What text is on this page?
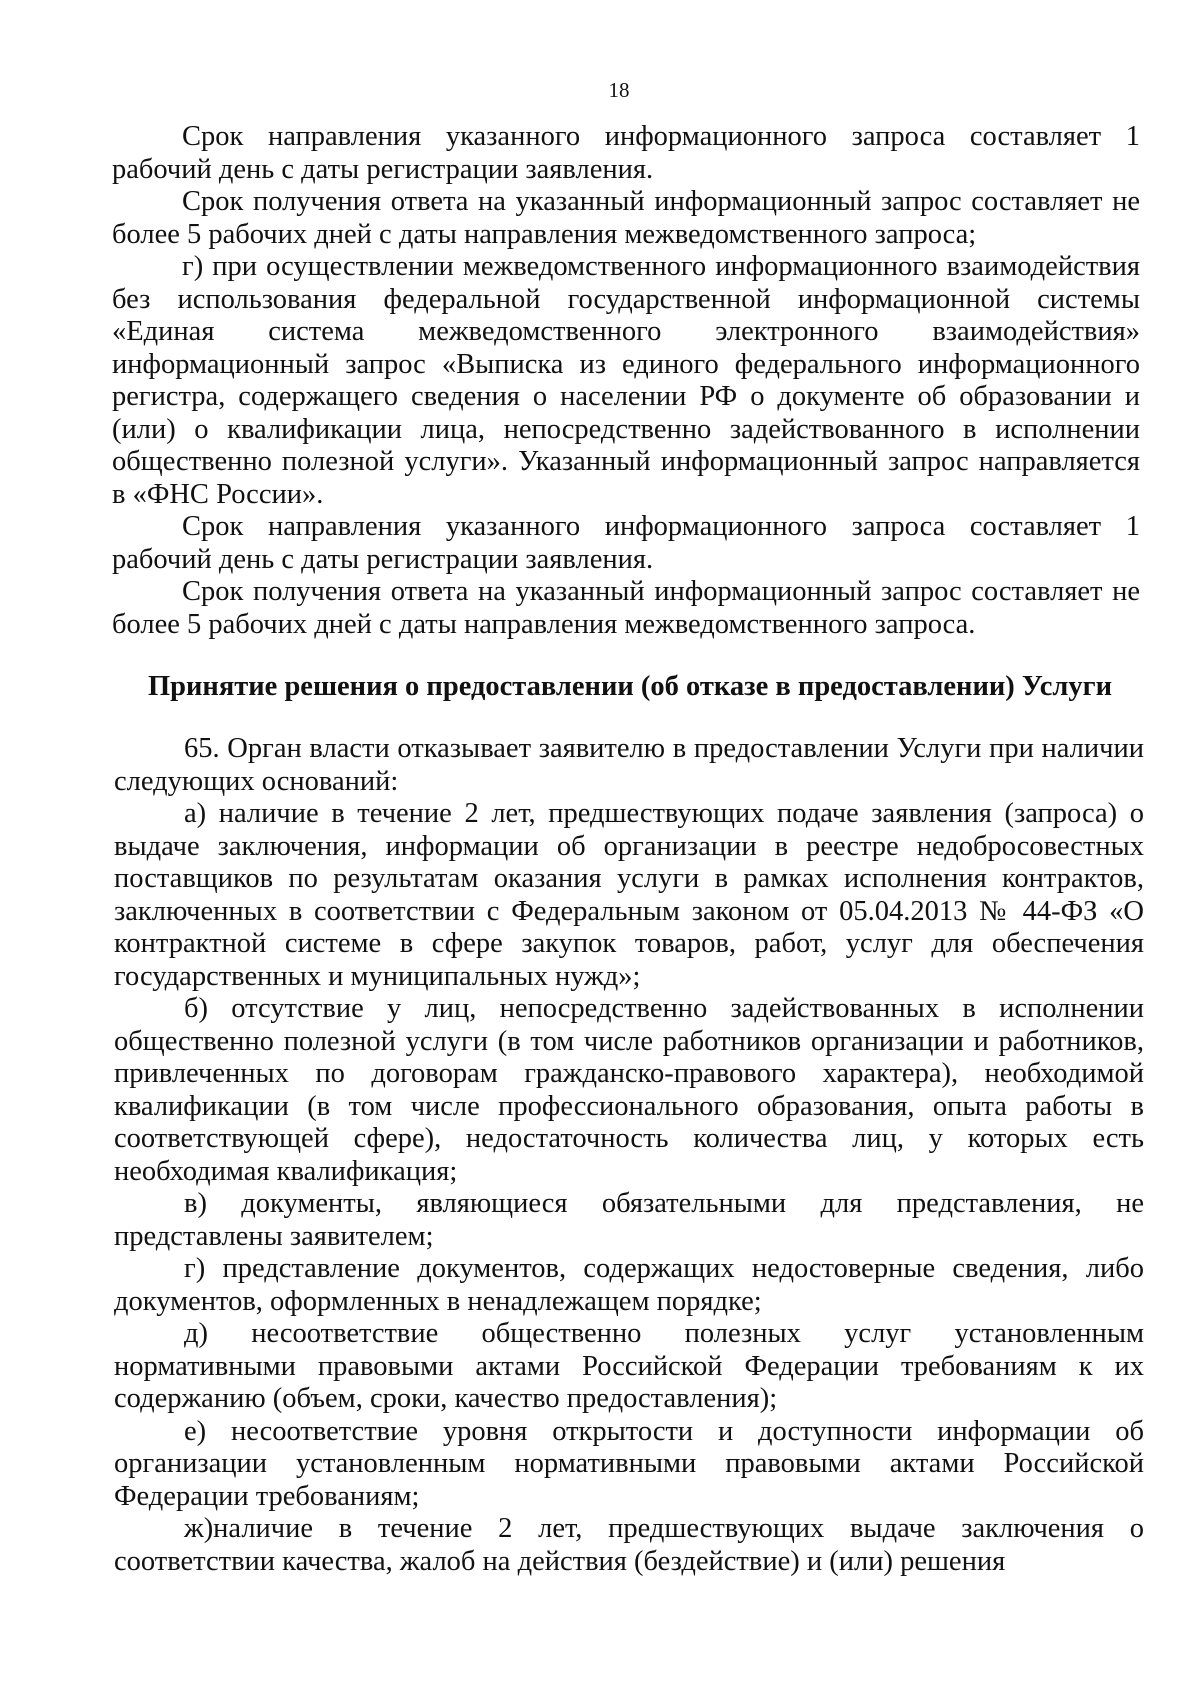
18

Срок направления указанного информационного запроса составляет 1 рабочий день с даты регистрации заявления.

Срок получения ответа на указанный информационный запрос составляет не более 5 рабочих дней с даты направления межведомственного запроса;

г) при осуществлении межведомственного информационного взаимодействия без использования федеральной государственной информационной системы «Единая система межведомственного электронного взаимодействия» информационный запрос «Выписка из единого федерального информационного регистра, содержащего сведения о населении РФ о документе об образовании и (или) о квалификации лица, непосредственно задействованного в исполнении общественно полезной услуги». Указанный информационный запрос направляется в «ФНС России».

Срок направления указанного информационного запроса составляет 1 рабочий день с даты регистрации заявления.

Срок получения ответа на указанный информационный запрос составляет не более 5 рабочих дней с даты направления межведомственного запроса.

Принятие решения о предоставлении (об отказе в предоставлении) Услуги

65. Орган власти отказывает заявителю в предоставлении Услуги при наличии следующих оснований:

а) наличие в течение 2 лет, предшествующих подаче заявления (запроса) о выдаче заключения, информации об организации в реестре недобросовестных поставщиков по результатам оказания услуги в рамках исполнения контрактов, заключенных в соответствии с Федеральным законом от 05.04.2013 № 44-ФЗ «О контрактной системе в сфере закупок товаров, работ, услуг для обеспечения государственных и муниципальных нужд»;

б) отсутствие у лиц, непосредственно задействованных в исполнении общественно полезной услуги (в том числе работников организации и работников, привлеченных по договорам гражданско-правового характера), необходимой квалификации (в том числе профессионального образования, опыта работы в соответствующей сфере), недостаточность количества лиц, у которых есть необходимая квалификация;

в) документы, являющиеся обязательными для представления, не представлены заявителем;

г) представление документов, содержащих недостоверные сведения, либо документов, оформленных в ненадлежащем порядке;

д) несоответствие общественно полезных услуг установленным нормативными правовыми актами Российской Федерации требованиям к их содержанию (объем, сроки, качество предоставления);

е) несоответствие уровня открытости и доступности информации об организации установленным нормативными правовыми актами Российской Федерации требованиям;

ж)наличие в течение 2 лет, предшествующих выдаче заключения о соответствии качества, жалоб на действия (бездействие) и (или) решения
